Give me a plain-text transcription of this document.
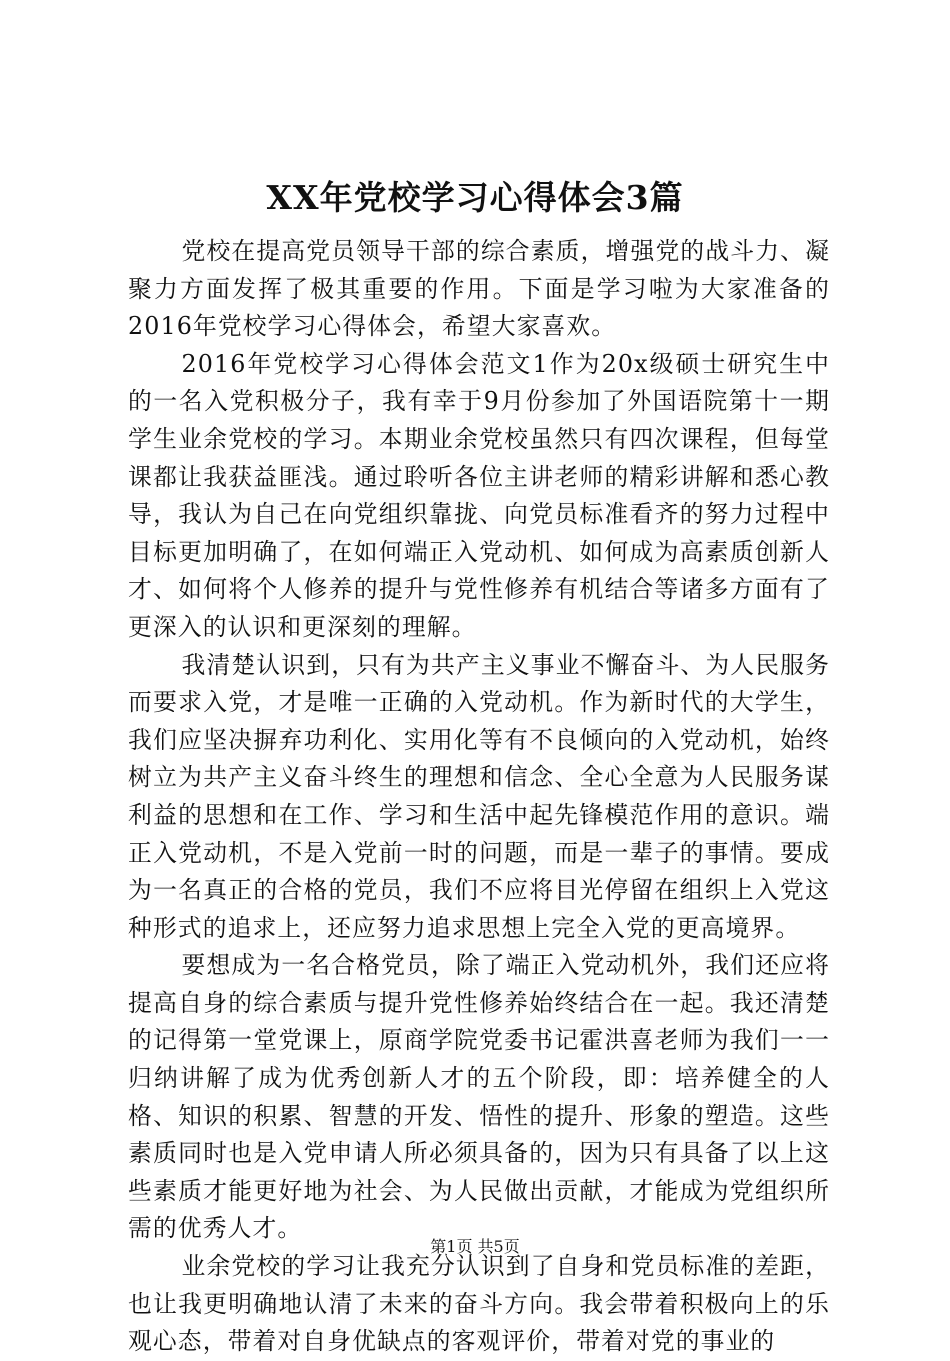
XX年党校学习心得体会3篇

党校在提高党员领导干部的综合素质，增强党的战斗力、凝聚力方面发挥了极其重要的作用。下面是学习啦为大家准备的2016年党校学习心得体会，希望大家喜欢。

2016年党校学习心得体会范文1作为20x级硕士研究生中的一名入党积极分子，我有幸于9月份参加了外国语院第十一期学生业余党校的学习。本期业余党校虽然只有四次课程，但每堂课都让我获益匪浅。通过聆听各位主讲老师的精彩讲解和悉心教导，我认为自己在向党组织靠拢、向党员标准看齐的努力过程中目标更加明确了，在如何端正入党动机、如何成为高素质创新人才、如何将个人修养的提升与党性修养有机结合等诸多方面有了更深入的认识和更深刻的理解。

我清楚认识到，只有为共产主义事业不懈奋斗、为人民服务而要求入党，才是唯一正确的入党动机。作为新时代的大学生，我们应坚决摒弃功利化、实用化等有不良倾向的入党动机，始终树立为共产主义奋斗终生的理想和信念、全心全意为人民服务谋利益的思想和在工作、学习和生活中起先锋模范作用的意识。端正入党动机，不是入党前一时的问题，而是一辈子的事情。要成为一名真正的合格的党员，我们不应将目光停留在组织上入党这种形式的追求上，还应努力追求思想上完全入党的更高境界。

要想成为一名合格党员，除了端正入党动机外，我们还应将提高自身的综合素质与提升党性修养始终结合在一起。我还清楚的记得第一堂党课上，原商学院党委书记霍洪喜老师为我们一一归纳讲解了成为优秀创新人才的五个阶段，即：培养健全的人格、知识的积累、智慧的开发、悟性的提升、形象的塑造。这些素质同时也是入党申请人所必须具备的，因为只有具备了以上这些素质才能更好地为社会、为人民做出贡献，才能成为党组织所需的优秀人才。

业余党校的学习让我充分认识到了自身和党员标准的差距，也让我更明确地认清了未来的奋斗方向。我会带着积极向上的乐观心态，带着对自身优缺点的客观评价，带着对党的事业的

第1页 共5页
